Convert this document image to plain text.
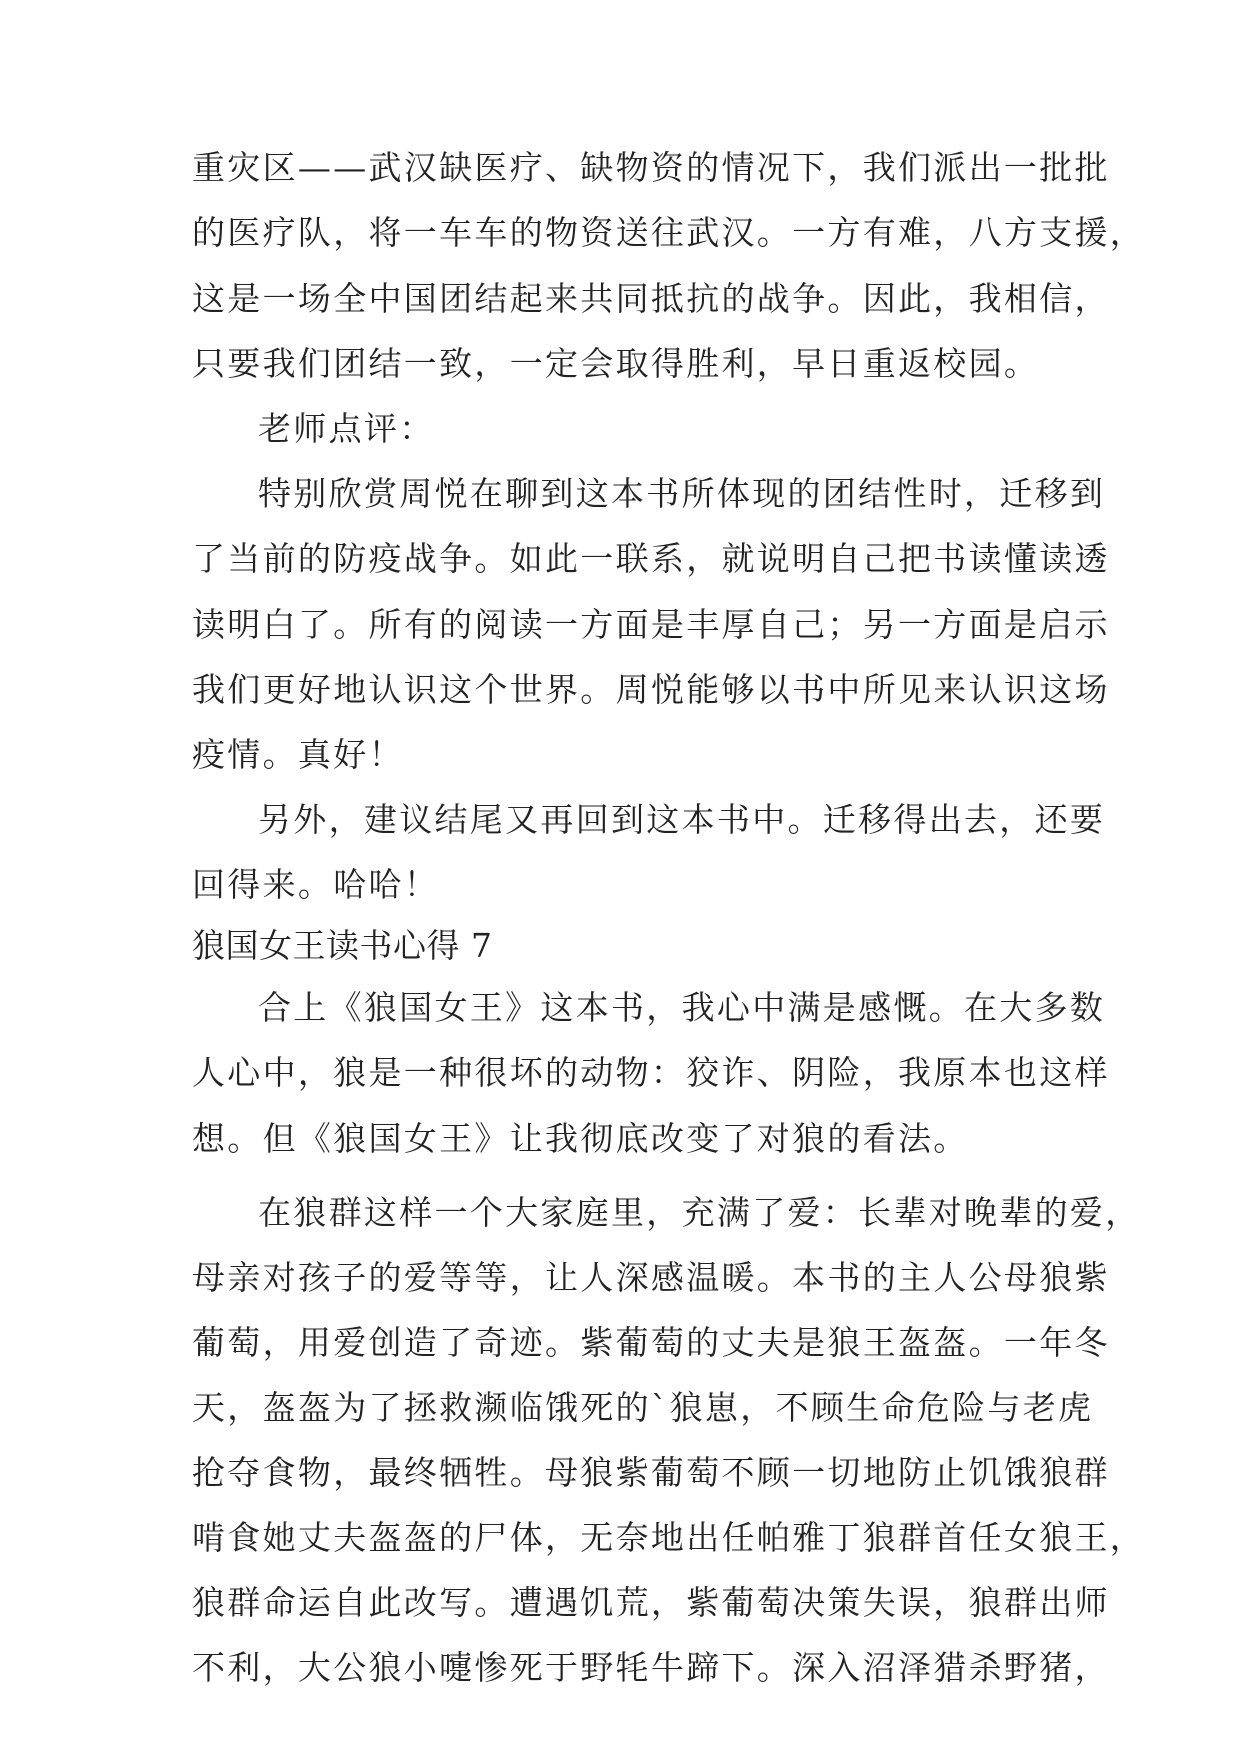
重灾区——武汉缺医疗、缺物资的情况下，我们派出一批批
的医疗队，将一车车的物资送往武汉。一方有难，八方支援，
这是一场全中国团结起来共同抵抗的战争。因此，我相信，
只要我们团结一致，一定会取得胜利，早日重返校园。
老师点评：
特别欣赏周悦在聊到这本书所体现的团结性时，迁移到
了当前的防疫战争。如此一联系，就说明自己把书读懂读透
读明白了。所有的阅读一方面是丰厚自己；另一方面是启示
我们更好地认识这个世界。周悦能够以书中所见来认识这场
疫情。真好！
另外，建议结尾又再回到这本书中。迁移得出去，还要
回得来。哈哈！
狼国女王读书心得 7
合上《狼国女王》这本书，我心中满是感慨。在大多数
人心中，狼是一种很坏的动物：狡诈、阴险，我原本也这样
想。但《狼国女王》让我彻底改变了对狼的看法。
在狼群这样一个大家庭里，充满了爱：长辈对晚辈的爱，
母亲对孩子的爱等等，让人深感温暖。本书的主人公母狼紫
葡萄，用爱创造了奇迹。紫葡萄的丈夫是狼王盔盔。一年冬
天，盔盔为了拯救濒临饿死的`狼崽，不顾生命危险与老虎
抢夺食物，最终牺牲。母狼紫葡萄不顾一切地防止饥饿狼群
啃食她丈夫盔盔的尸体，无奈地出任帕雅丁狼群首任女狼王，
狼群命运自此改写。遭遇饥荒，紫葡萄决策失误，狼群出师
不利，大公狼小嚏惨死于野牦牛蹄下。深入沼泽猎杀野猪，
